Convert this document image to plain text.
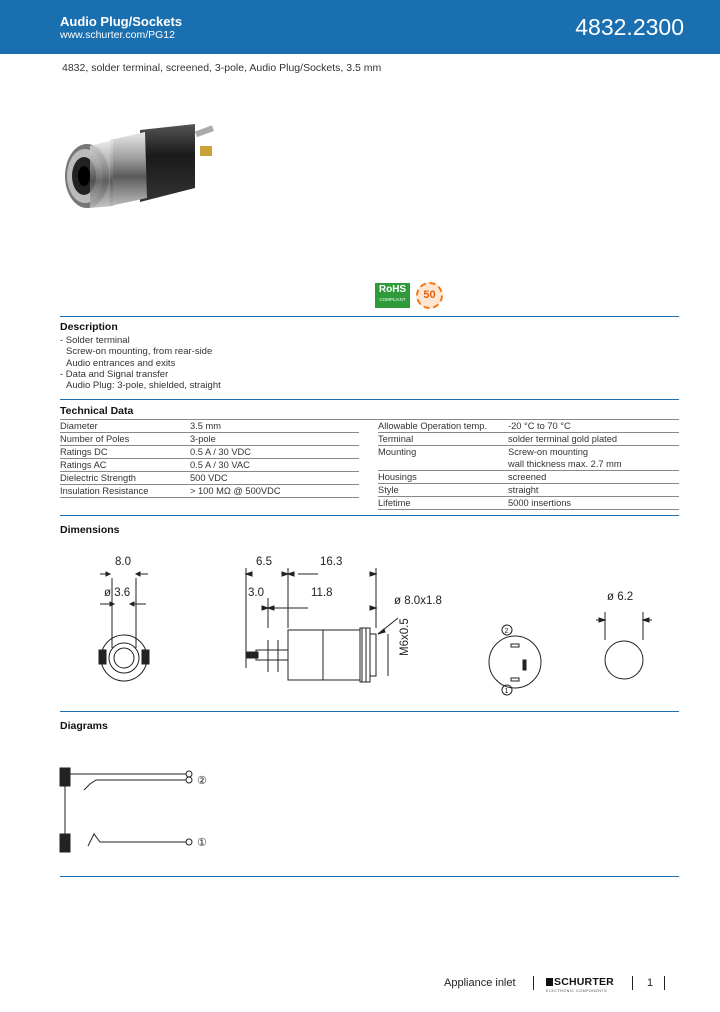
Audio Plug/Sockets
www.schurter.com/PG12	4832.2300
4832, solder terminal, screened, 3-pole, Audio Plug/Sockets, 3.5 mm
RoHS
COMPLIANT	50
Description
- Solder terminal
Screw-on mounting, from rear-side
Audio entrances and exits
- Data and Signal transfer
Audio Plug: 3-pole, shielded, straight
Technical Data
Diameter	3.5 mm
Number of Poles	3-pole
Ratings DC	0.5 A / 30 VDC
Ratings AC	0.5 A / 30 VAC
Dielectric Strength	500 VDC
Insulation Resistance	> 100 MΩ @ 500VDC
Allowable Operation temp.	-20 °C to 70 °C
Terminal	solder terminal gold plated
Mounting	Screw-on mounting
	wall thickness max. 2.7 mm
Housings	screened
Style	straight
Lifetime	5000 insertions
Dimensions
8.0
ø 3.6
6.5	16.3
3.0	11.8
ø 8.0x1.8
M6x0.5
ø 6.2
2
1
Diagrams
②
①
Appliance inlet	SCHURTER
ELECTRONIC COMPONENTS
1
